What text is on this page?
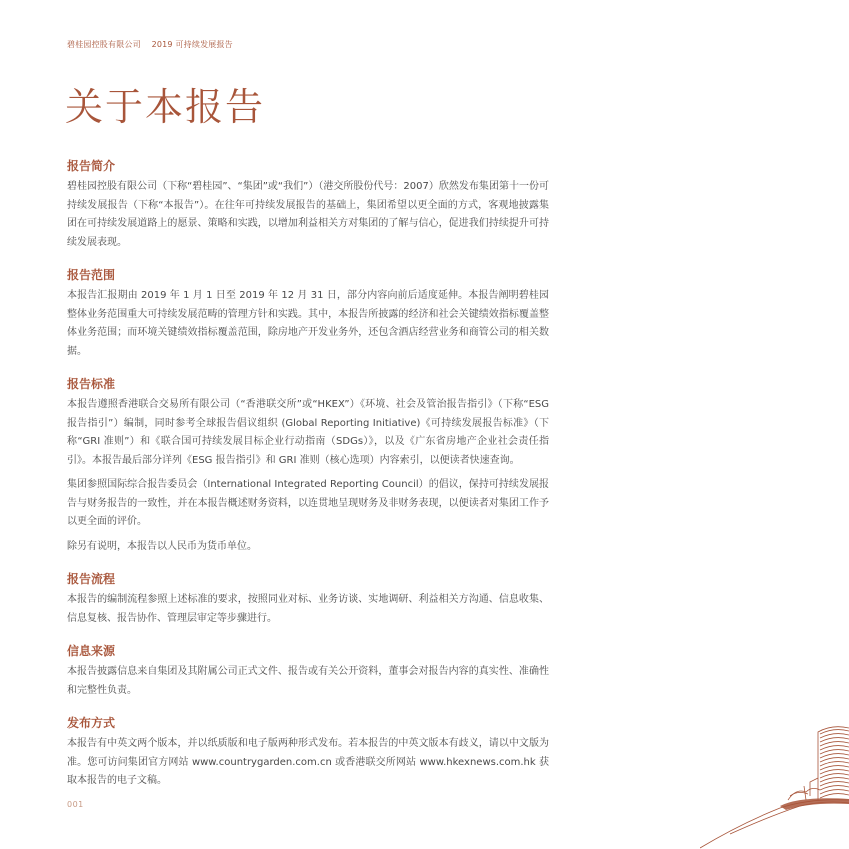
碧桂园控股有限公司 2019 可持续发展报告
关于本报告
报告简介

碧桂园控股有限公司（下称“碧桂园”、“集团”或“我们”）（港交所股份代号：2007）欣然发布集团第十一份可持续发展报告（下称“本报告”）。在往年可持续发展报告的基础上，集团希望以更全面的方式，客观地披露集团在可持续发展道路上的愿景、策略和实践，以增加利益相关方对集团的了解与信心，促进我们持续提升可持续发展表现。

报告范围

本报告汇报期由 2019 年 1 月 1 日至 2019 年 12 月 31 日，部分内容向前后适度延伸。本报告阐明碧桂园整体业务范围重大可持续发展范畴的管理方针和实践。其中，本报告所披露的经济和社会关键绩效指标覆盖整体业务范围；而环境关键绩效指标覆盖范围，除房地产开发业务外，还包含酒店经营业务和商管公司的相关数据。

报告标准

本报告遵照香港联合交易所有限公司（“香港联交所”或“HKEX”）《环境、社会及管治报告指引》（下称“ESG 报告指引”）编制，同时参考全球报告倡议组织 (Global Reporting Initiative)《可持续发展报告标准》（下称“GRI 准则”）和《联合国可持续发展目标企业行动指南（SDGs）》，以及《广东省房地产企业社会责任指引》。本报告最后部分详列《ESG 报告指引》和 GRI 准则（核心选项）内容索引，以便读者快速查询。

集团参照国际综合报告委员会（International Integrated Reporting Council）的倡议，保持可持续发展报告与财务报告的一致性，并在本报告概述财务资料，以连贯地呈现财务及非财务表现，以便读者对集团工作予以更全面的评价。

除另有说明，本报告以人民币为货币单位。

报告流程

本报告的编制流程参照上述标准的要求，按照同业对标、业务访谈、实地调研、利益相关方沟通、信息收集、信息复核、报告协作、管理层审定等步骤进行。

信息来源

本报告披露信息来自集团及其附属公司正式文件、报告或有关公开资料，董事会对报告内容的真实性、准确性和完整性负责。

发布方式

本报告有中英文两个版本，并以纸质版和电子版两种形式发布。若本报告的中英文版本有歧义，请以中文版为准。您可访问集团官方网站 www.countrygarden.com.cn 或香港联交所网站 www.hkexnews.com.hk 获取本报告的电子文稿。

001
